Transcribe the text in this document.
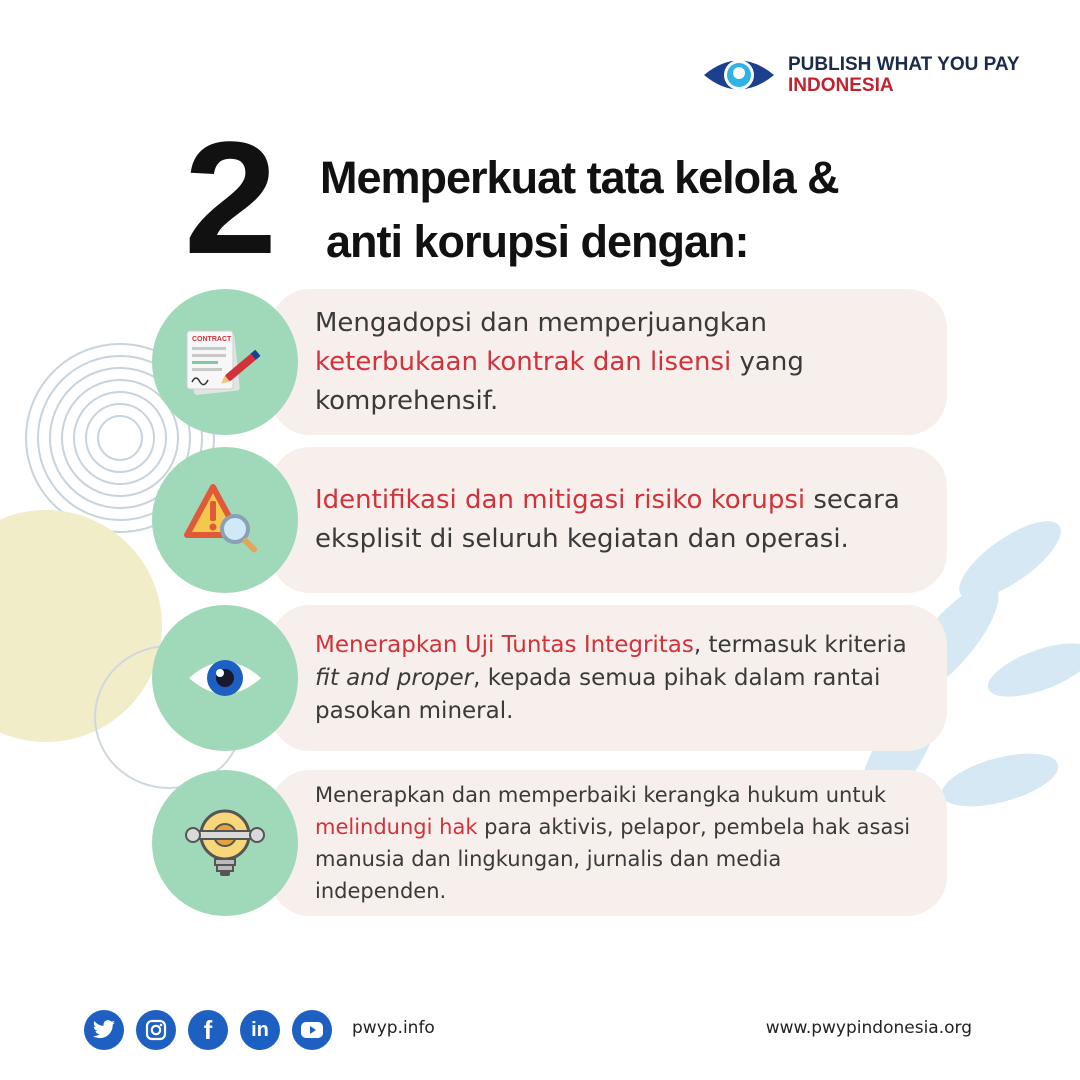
PUBLISH WHAT YOU PAY
INDONESIA
2 Memperkuat tata kelola &
anti korupsi dengan:
CONTRACT

Mengadopsi dan memperjuangkan keterbukaan kontrak dan lisensi yang komprehensif.

Identifikasi dan mitigasi risiko korupsi secara eksplisit di seluruh kegiatan dan operasi.

Menerapkan Uji Tuntas Integritas, termasuk kriteria fit and proper, kepada semua pihak dalam rantai pasokan mineral.

Menerapkan dan memperbaiki kerangka hukum untuk melindungi hak para aktivis, pelapor, pembela hak asasi manusia dan lingkungan, jurnalis dan media independen.

f	in	pwyp.info	www.pwypindonesia.org
